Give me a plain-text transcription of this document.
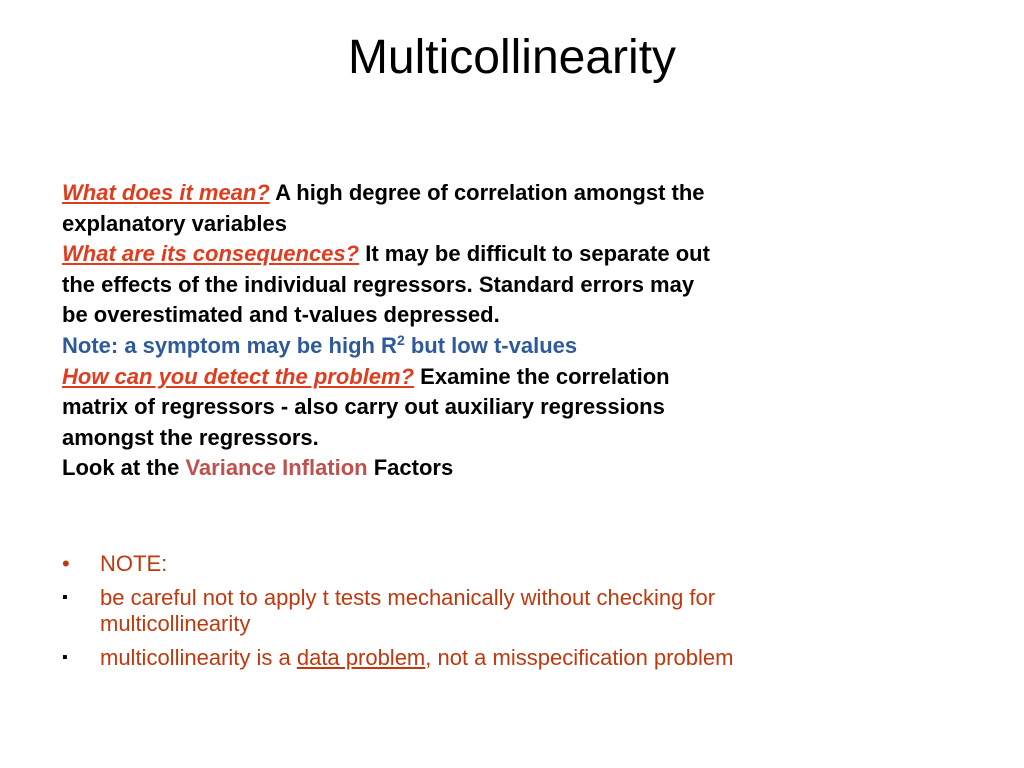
Multicollinearity
What does it mean? A high degree of correlation amongst the
explanatory variables
What are its consequences? It may be difficult to separate out
the effects of the individual regressors. Standard errors may
be overestimated and t-values depressed.
Note: a symptom may be high $R^2$ but low t-values
How can you detect the problem? Examine the correlation
matrix of regressors - also carry out auxiliary regressions
amongst the regressors.
Look at the Variance Inflation Factors
•	NOTE:
▪	be careful not to apply t tests mechanically without checking for
multicollinearity
▪	multicollinearity is a data problem, not a misspecification problem
